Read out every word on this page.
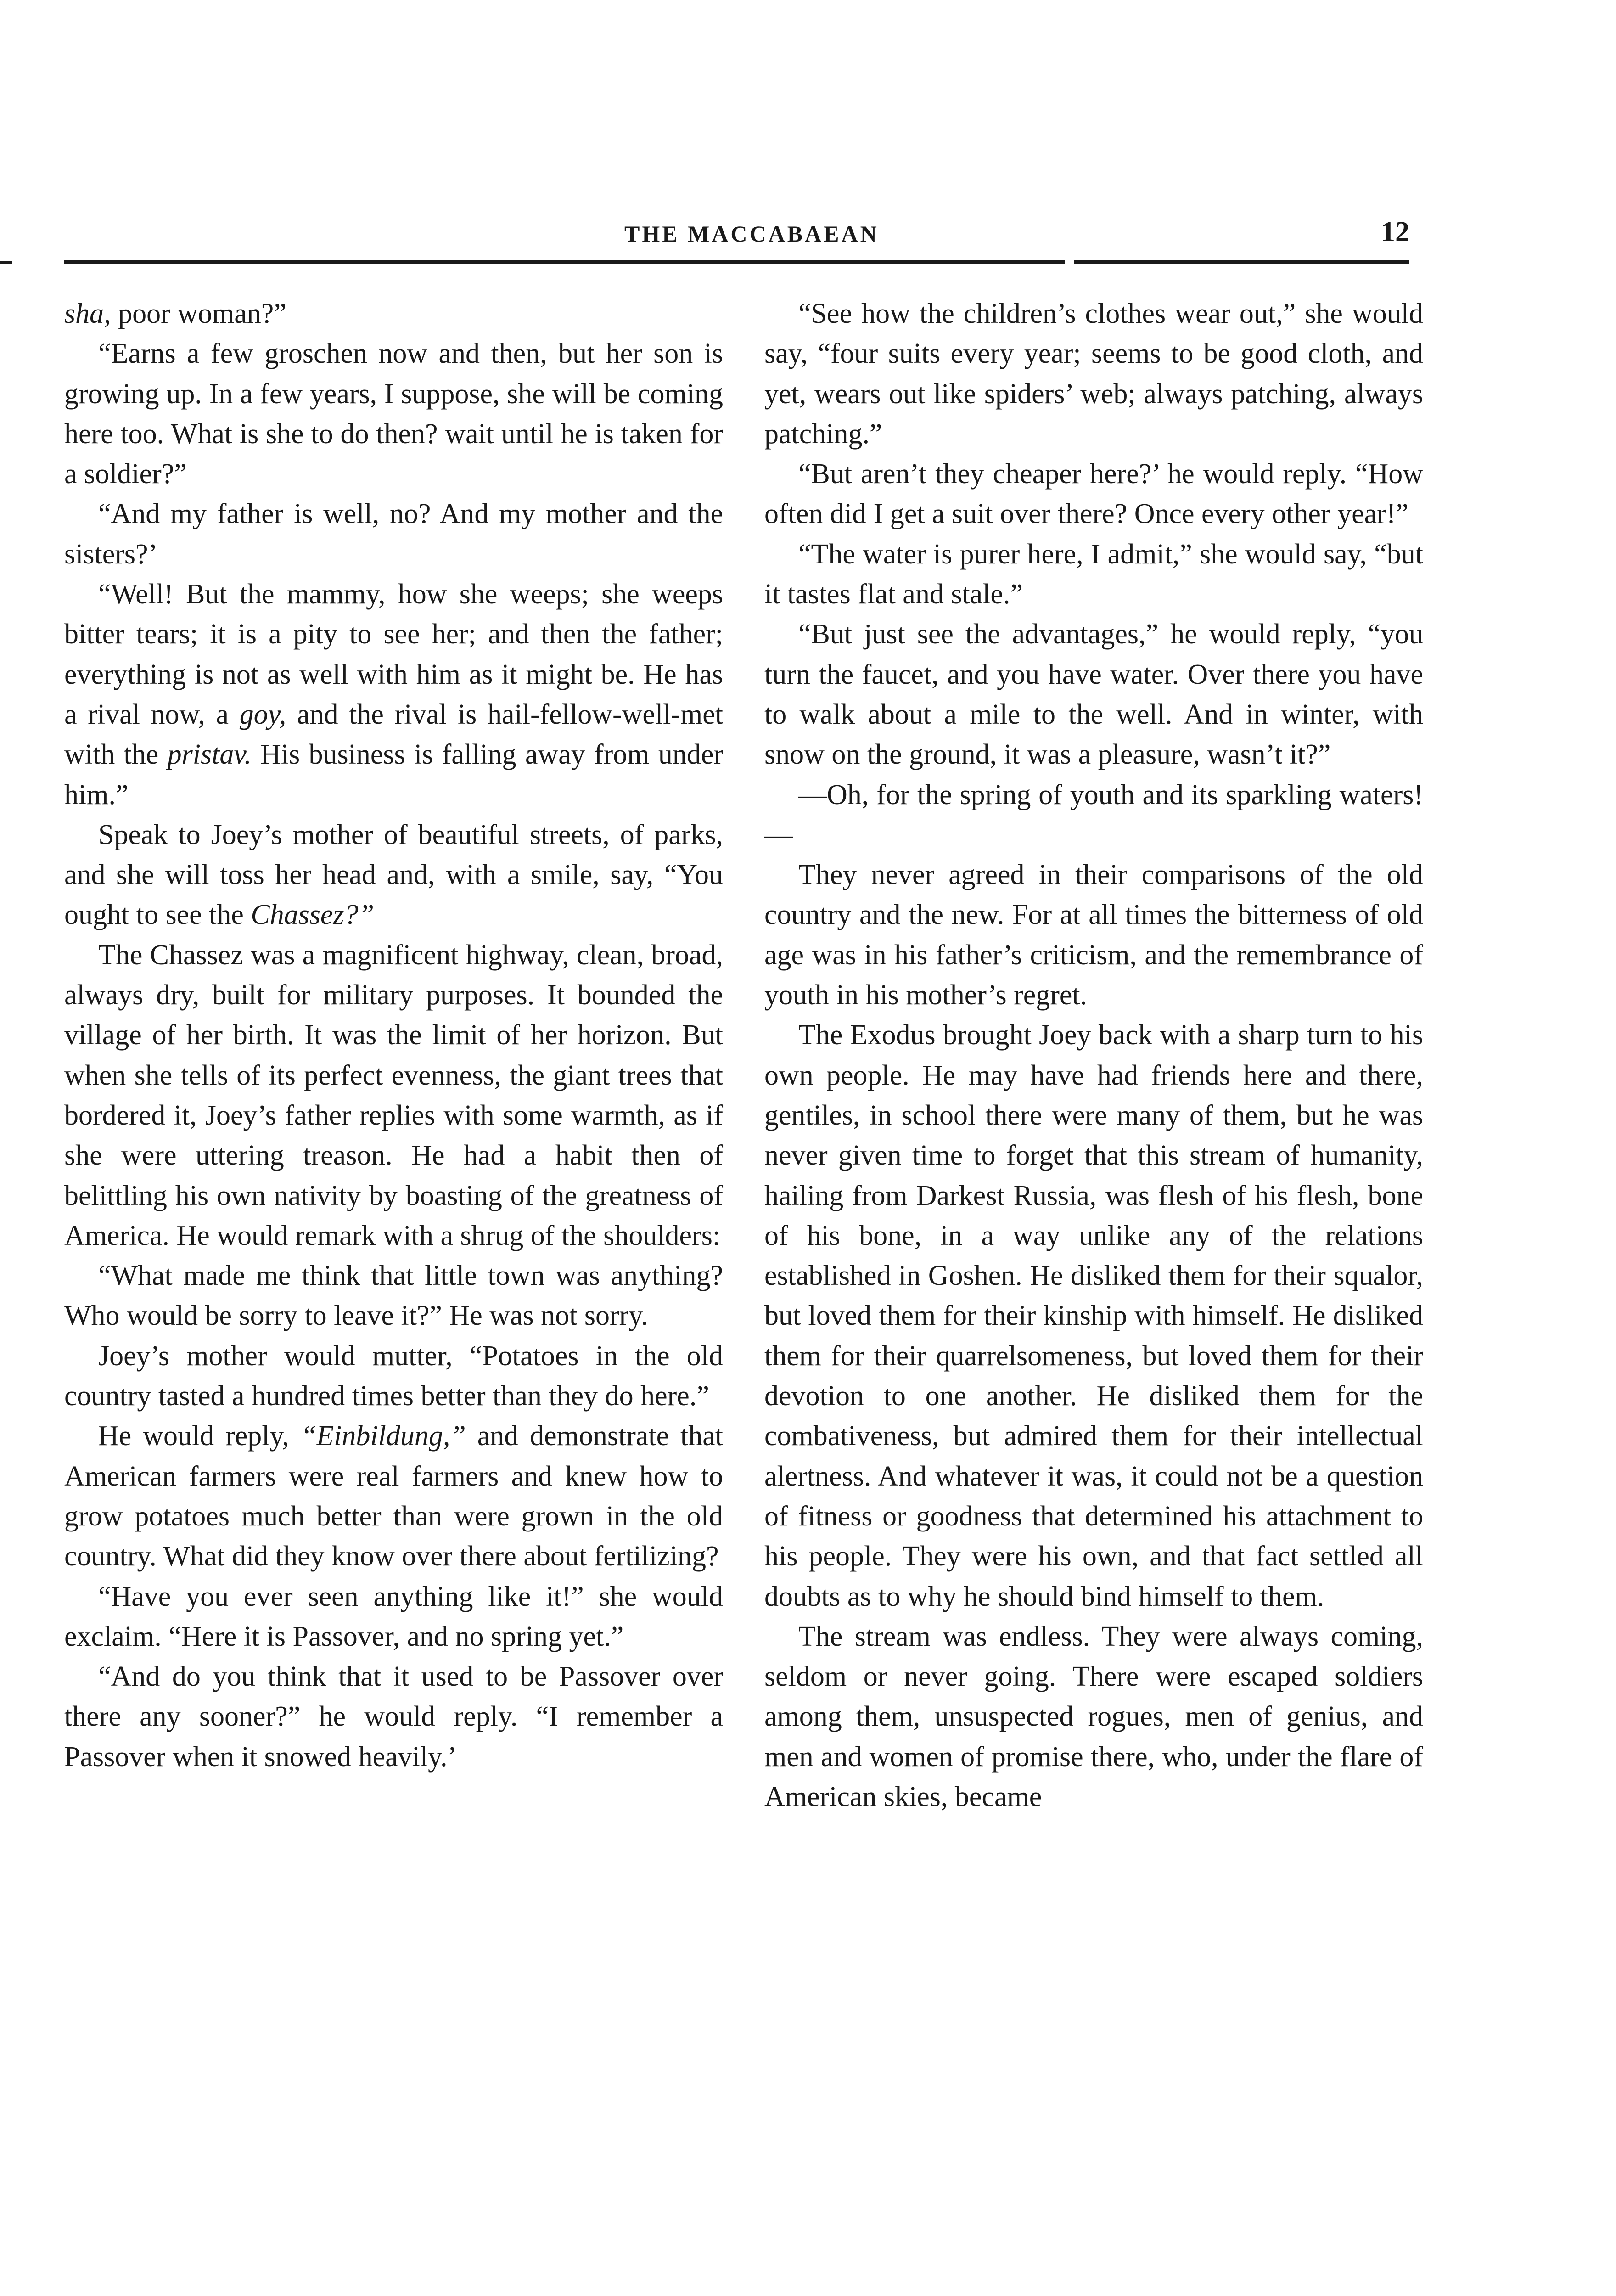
THE MACCABAEAN	12

sha, poor woman?”

“Earns a few groschen now and then, but her son is growing up. In a few years, I suppose, she will be coming here too. What is she to do then? wait until he is taken for a soldier?”

“And my father is well, no? And my mother and the sisters?’

“Well! But the mammy, how she weeps; she weeps bitter tears; it is a pity to see her; and then the father; everything is not as well with him as it might be. He has a rival now, a goy, and the rival is hail-fellow-well-met with the pristav. His business is falling away from under him.”

Speak to Joey’s mother of beautiful streets, of parks, and she will toss her head and, with a smile, say, “You ought to see the Chassez?”

The Chassez was a magnificent highway, clean, broad, always dry, built for military purposes. It bounded the village of her birth. It was the limit of her horizon. But when she tells of its perfect evenness, the giant trees that bordered it, Joey’s father replies with some warmth, as if she were uttering treason. He had a habit then of belittling his own nativity by boasting of the greatness of America. He would remark with a shrug of the shoulders:

“What made me think that little town was anything? Who would be sorry to leave it?” He was not sorry.

Joey’s mother would mutter, “Potatoes in the old country tasted a hundred times better than they do here.”

He would reply, “Einbildung,” and demonstrate that American farmers were real farmers and knew how to grow potatoes much better than were grown in the old country. What did they know over there about fertilizing?

“Have you ever seen anything like it!” she would exclaim. “Here it is Passover, and no spring yet.”

“And do you think that it used to be Passover over there any sooner?” he would reply. “I remember a Passover when it snowed heavily.’

“See how the children’s clothes wear out,” she would say, “four suits every year; seems to be good cloth, and yet, wears out like spiders’ web; always patching, always patching.”

“But aren’t they cheaper here?’ he would reply. “How often did I get a suit over there? Once every other year!”

“The water is purer here, I admit,” she would say, “but it tastes flat and stale.”

“But just see the advantages,” he would reply, “you turn the faucet, and you have water. Over there you have to walk about a mile to the well. And in winter, with snow on the ground, it was a pleasure, wasn’t it?”

—Oh, for the spring of youth and its sparkling waters!—

They never agreed in their comparisons of the old country and the new. For at all times the bitterness of old age was in his father’s criticism, and the remembrance of youth in his mother’s regret.

The Exodus brought Joey back with a sharp turn to his own people. He may have had friends here and there, gentiles, in school there were many of them, but he was never given time to forget that this stream of humanity, hailing from Darkest Russia, was flesh of his flesh, bone of his bone, in a way unlike any of the relations established in Goshen. He disliked them for their squalor, but loved them for their kinship with himself. He disliked them for their quarrelsomeness, but loved them for their devotion to one another. He disliked them for the combativeness, but admired them for their intellectual alertness. And whatever it was, it could not be a question of fitness or goodness that determined his attachment to his people. They were his own, and that fact settled all doubts as to why he should bind himself to them.

The stream was endless. They were always coming, seldom or never going. There were escaped soldiers among them, unsuspected rogues, men of genius, and men and women of promise there, who, under the flare of American skies, became
